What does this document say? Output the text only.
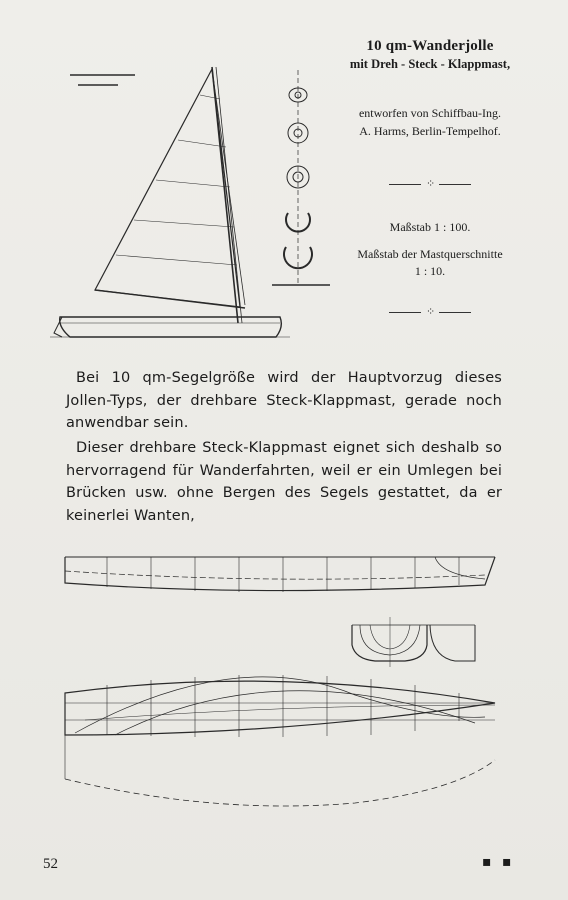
10 qm-Wanderjolle
mit Dreh - Steck - Klappmast,
entworfen von Schiffbau-Ing.
A. Harms, Berlin-Tempelhof.
⁘
Maßstab 1 : 100.
Maßstab der Mastquerschnitte
1 : 10.
⁘
Bei 10 qm-Segelgröße wird der Hauptvorzug dieses Jollen-Typs, der drehbare Steck-Klappmast, gerade noch anwendbar sein.
Dieser drehbare Steck-Klappmast eignet sich deshalb so hervorragend für Wanderfahrten, weil er ein Umlegen bei Brücken usw. ohne Bergen des Segels gestattet, da er keinerlei Wanten,
52	▪ ▪
